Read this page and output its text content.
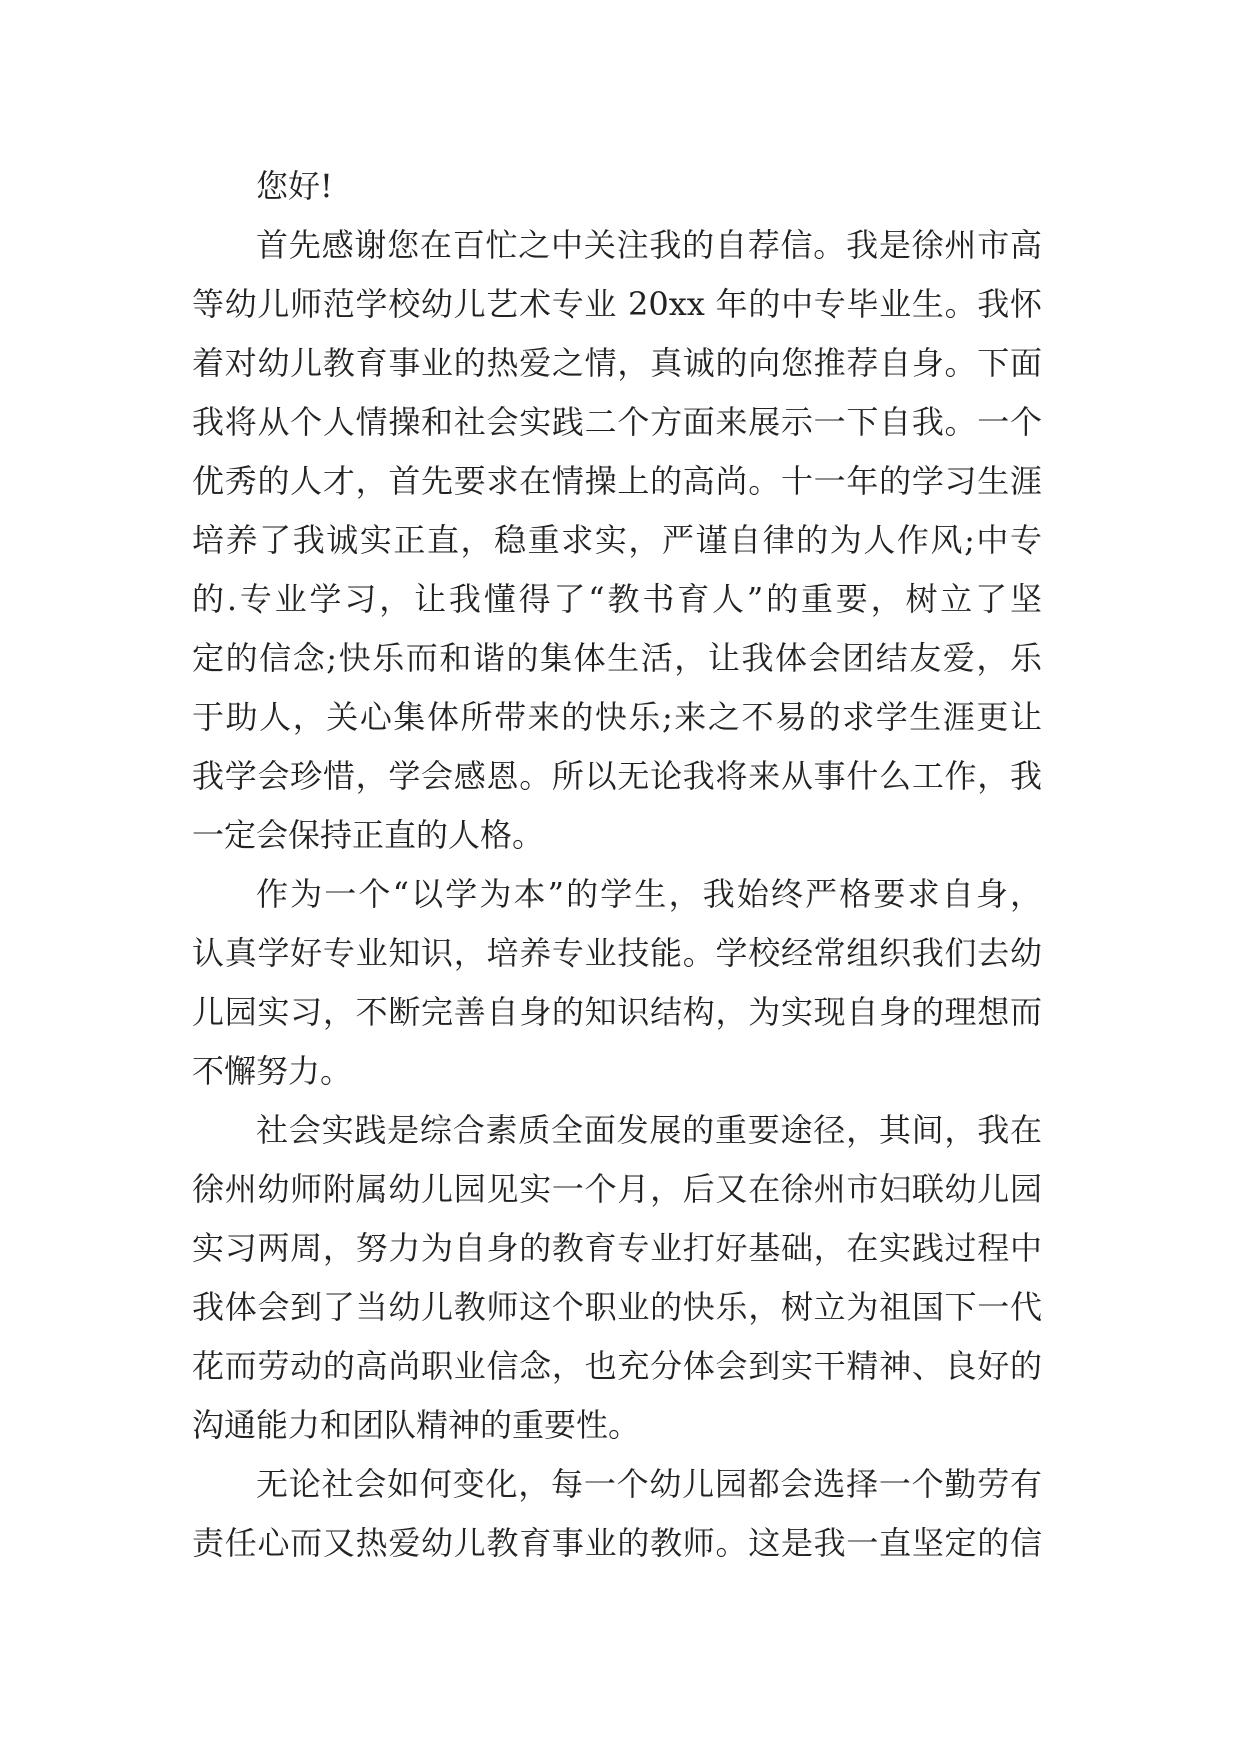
您好!

首先感谢您在百忙之中关注我的自荐信。我是徐州市高

等幼儿师范学校幼儿艺术专业 20xx 年的中专毕业生。我怀

着对幼儿教育事业的热爱之情，真诚的向您推荐自身。下面

我将从个人情操和社会实践二个方面来展示一下自我。一个

优秀的人才，首先要求在情操上的高尚。十一年的学习生涯

培养了我诚实正直，稳重求实，严谨自律的为人作风;中专

的.专业学习，让我懂得了“教书育人”的重要，树立了坚

定的信念;快乐而和谐的集体生活，让我体会团结友爱，乐

于助人，关心集体所带来的快乐;来之不易的求学生涯更让

我学会珍惜，学会感恩。所以无论我将来从事什么工作，我

一定会保持正直的人格。

作为一个“以学为本”的学生，我始终严格要求自身，

认真学好专业知识，培养专业技能。学校经常组织我们去幼

儿园实习，不断完善自身的知识结构，为实现自身的理想而

不懈努力。

社会实践是综合素质全面发展的重要途径，其间，我在

徐州幼师附属幼儿园见实一个月，后又在徐州市妇联幼儿园

实习两周，努力为自身的教育专业打好基础，在实践过程中

我体会到了当幼儿教师这个职业的快乐，树立为祖国下一代

花而劳动的高尚职业信念，也充分体会到实干精神、良好的

沟通能力和团队精神的重要性。

无论社会如何变化，每一个幼儿园都会选择一个勤劳有

责任心而又热爱幼儿教育事业的教师。这是我一直坚定的信
